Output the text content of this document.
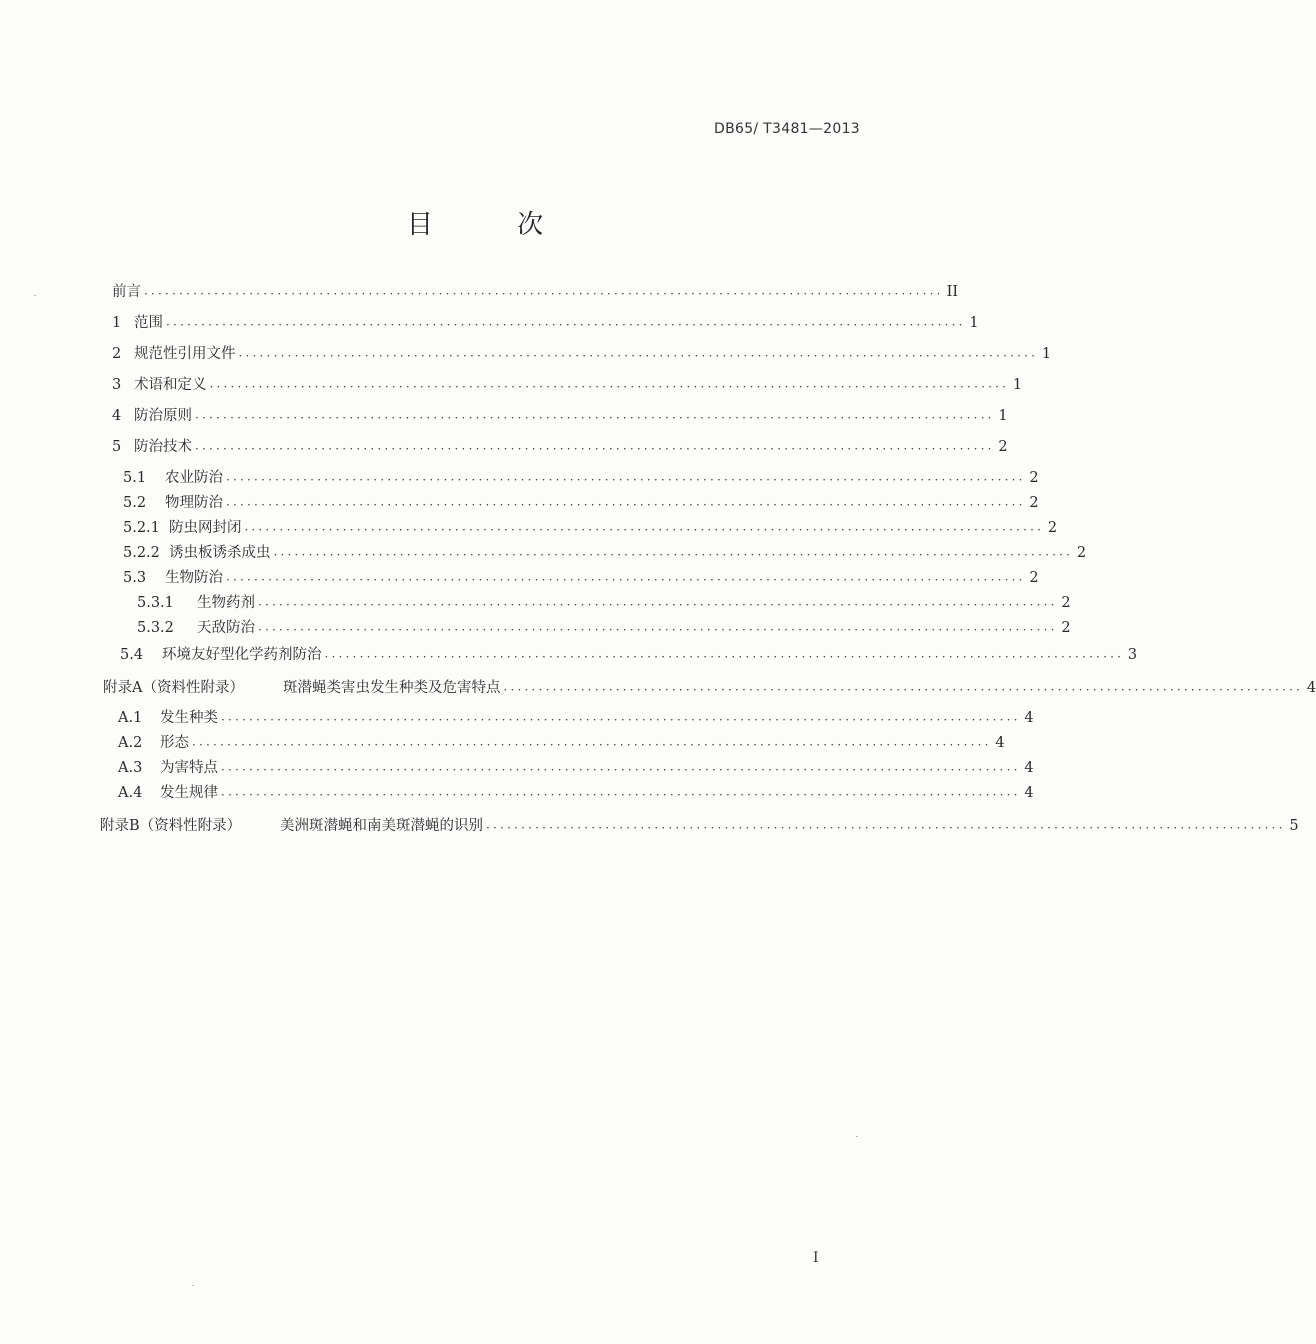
DB65/ T3481—2013
目 次
前言 ·················································································································· II
1 范围 ·················································································································· 1
2 规范性引用文件 ·················································································································· 1
3 术语和定义 ·················································································································· 1
4 防治原则 ·················································································································· 1
5 防治技术 ·················································································································· 2
5.1	农业防治 ·················································································································· 2
5.2	物理防治 ·················································································································· 2
5.2.1 防虫网封闭 ·················································································································· 2
5.2.2 诱虫板诱杀成虫 ·················································································································· 2
5.3	生物防治 ·················································································································· 2
5.3.1	生物药剂 ·················································································································· 2
5.3.2	天敌防治 ·················································································································· 2
5.4	环境友好型化学药剂防治 ·················································································································· 3
附录A（资料性附录）	斑潜蝇类害虫发生种类及危害特点 ·················································································································· 4
A.1	发生种类 ·················································································································· 4
A.2	形态 ·················································································································· 4
A.3	为害特点 ·················································································································· 4
A.4	发生规律 ·················································································································· 4
附录B（资料性附录）	美洲斑潜蝇和南美斑潜蝇的识别 ·················································································································· 5
I
